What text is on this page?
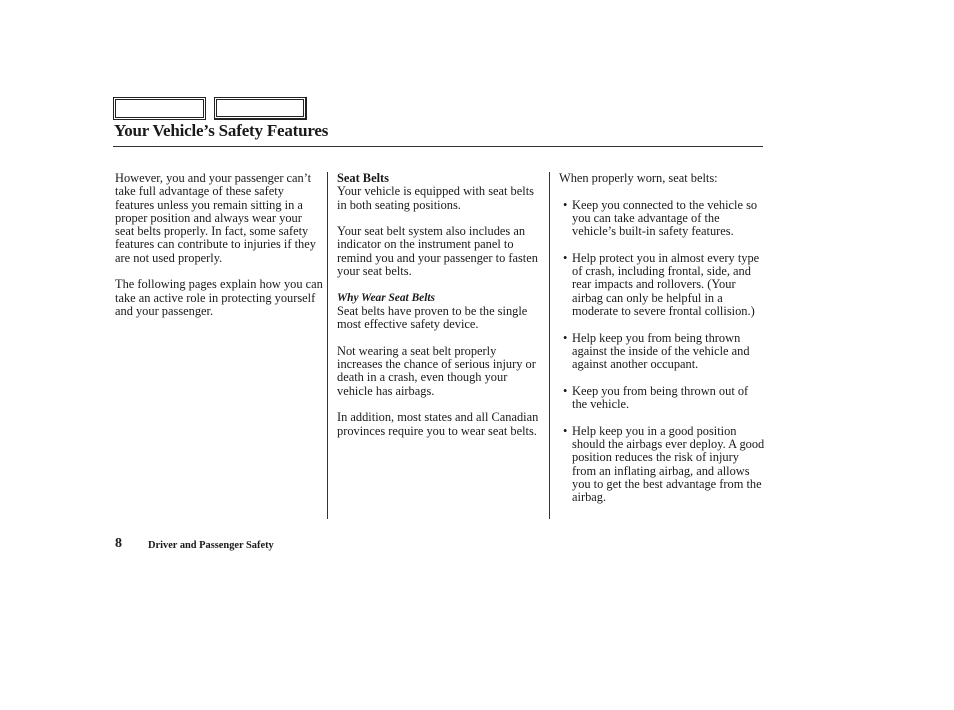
Your Vehicle’s Safety Features

However, you and your passenger can’t take full advantage of these safety features unless you remain sitting in a proper position and always wear your seat belts properly. In fact, some safety features can contribute to injuries if they are not used properly.

The following pages explain how you can take an active role in protecting yourself and your passenger.

Seat Belts
Your vehicle is equipped with seat belts in both seating positions.

Your seat belt system also includes an indicator on the instrument panel to remind you and your passenger to fasten your seat belts.

Why Wear Seat Belts
Seat belts have proven to be the single most effective safety device.

Not wearing a seat belt properly increases the chance of serious injury or death in a crash, even though your vehicle has airbags.

In addition, most states and all Canadian provinces require you to wear seat belts.

When properly worn, seat belts:

• Keep you connected to the vehicle so you can take advantage of the vehicle’s built-in safety features.
• Help protect you in almost every type of crash, including frontal, side, and rear impacts and rollovers. (Your airbag can only be helpful in a moderate to severe frontal collision.)
• Help keep you from being thrown against the inside of the vehicle and against another occupant.
• Keep you from being thrown out of the vehicle.
• Help keep you in a good position should the airbags ever deploy. A good position reduces the risk of injury from an inflating airbag, and allows you to get the best advantage from the airbag.
8	Driver and Passenger Safety
